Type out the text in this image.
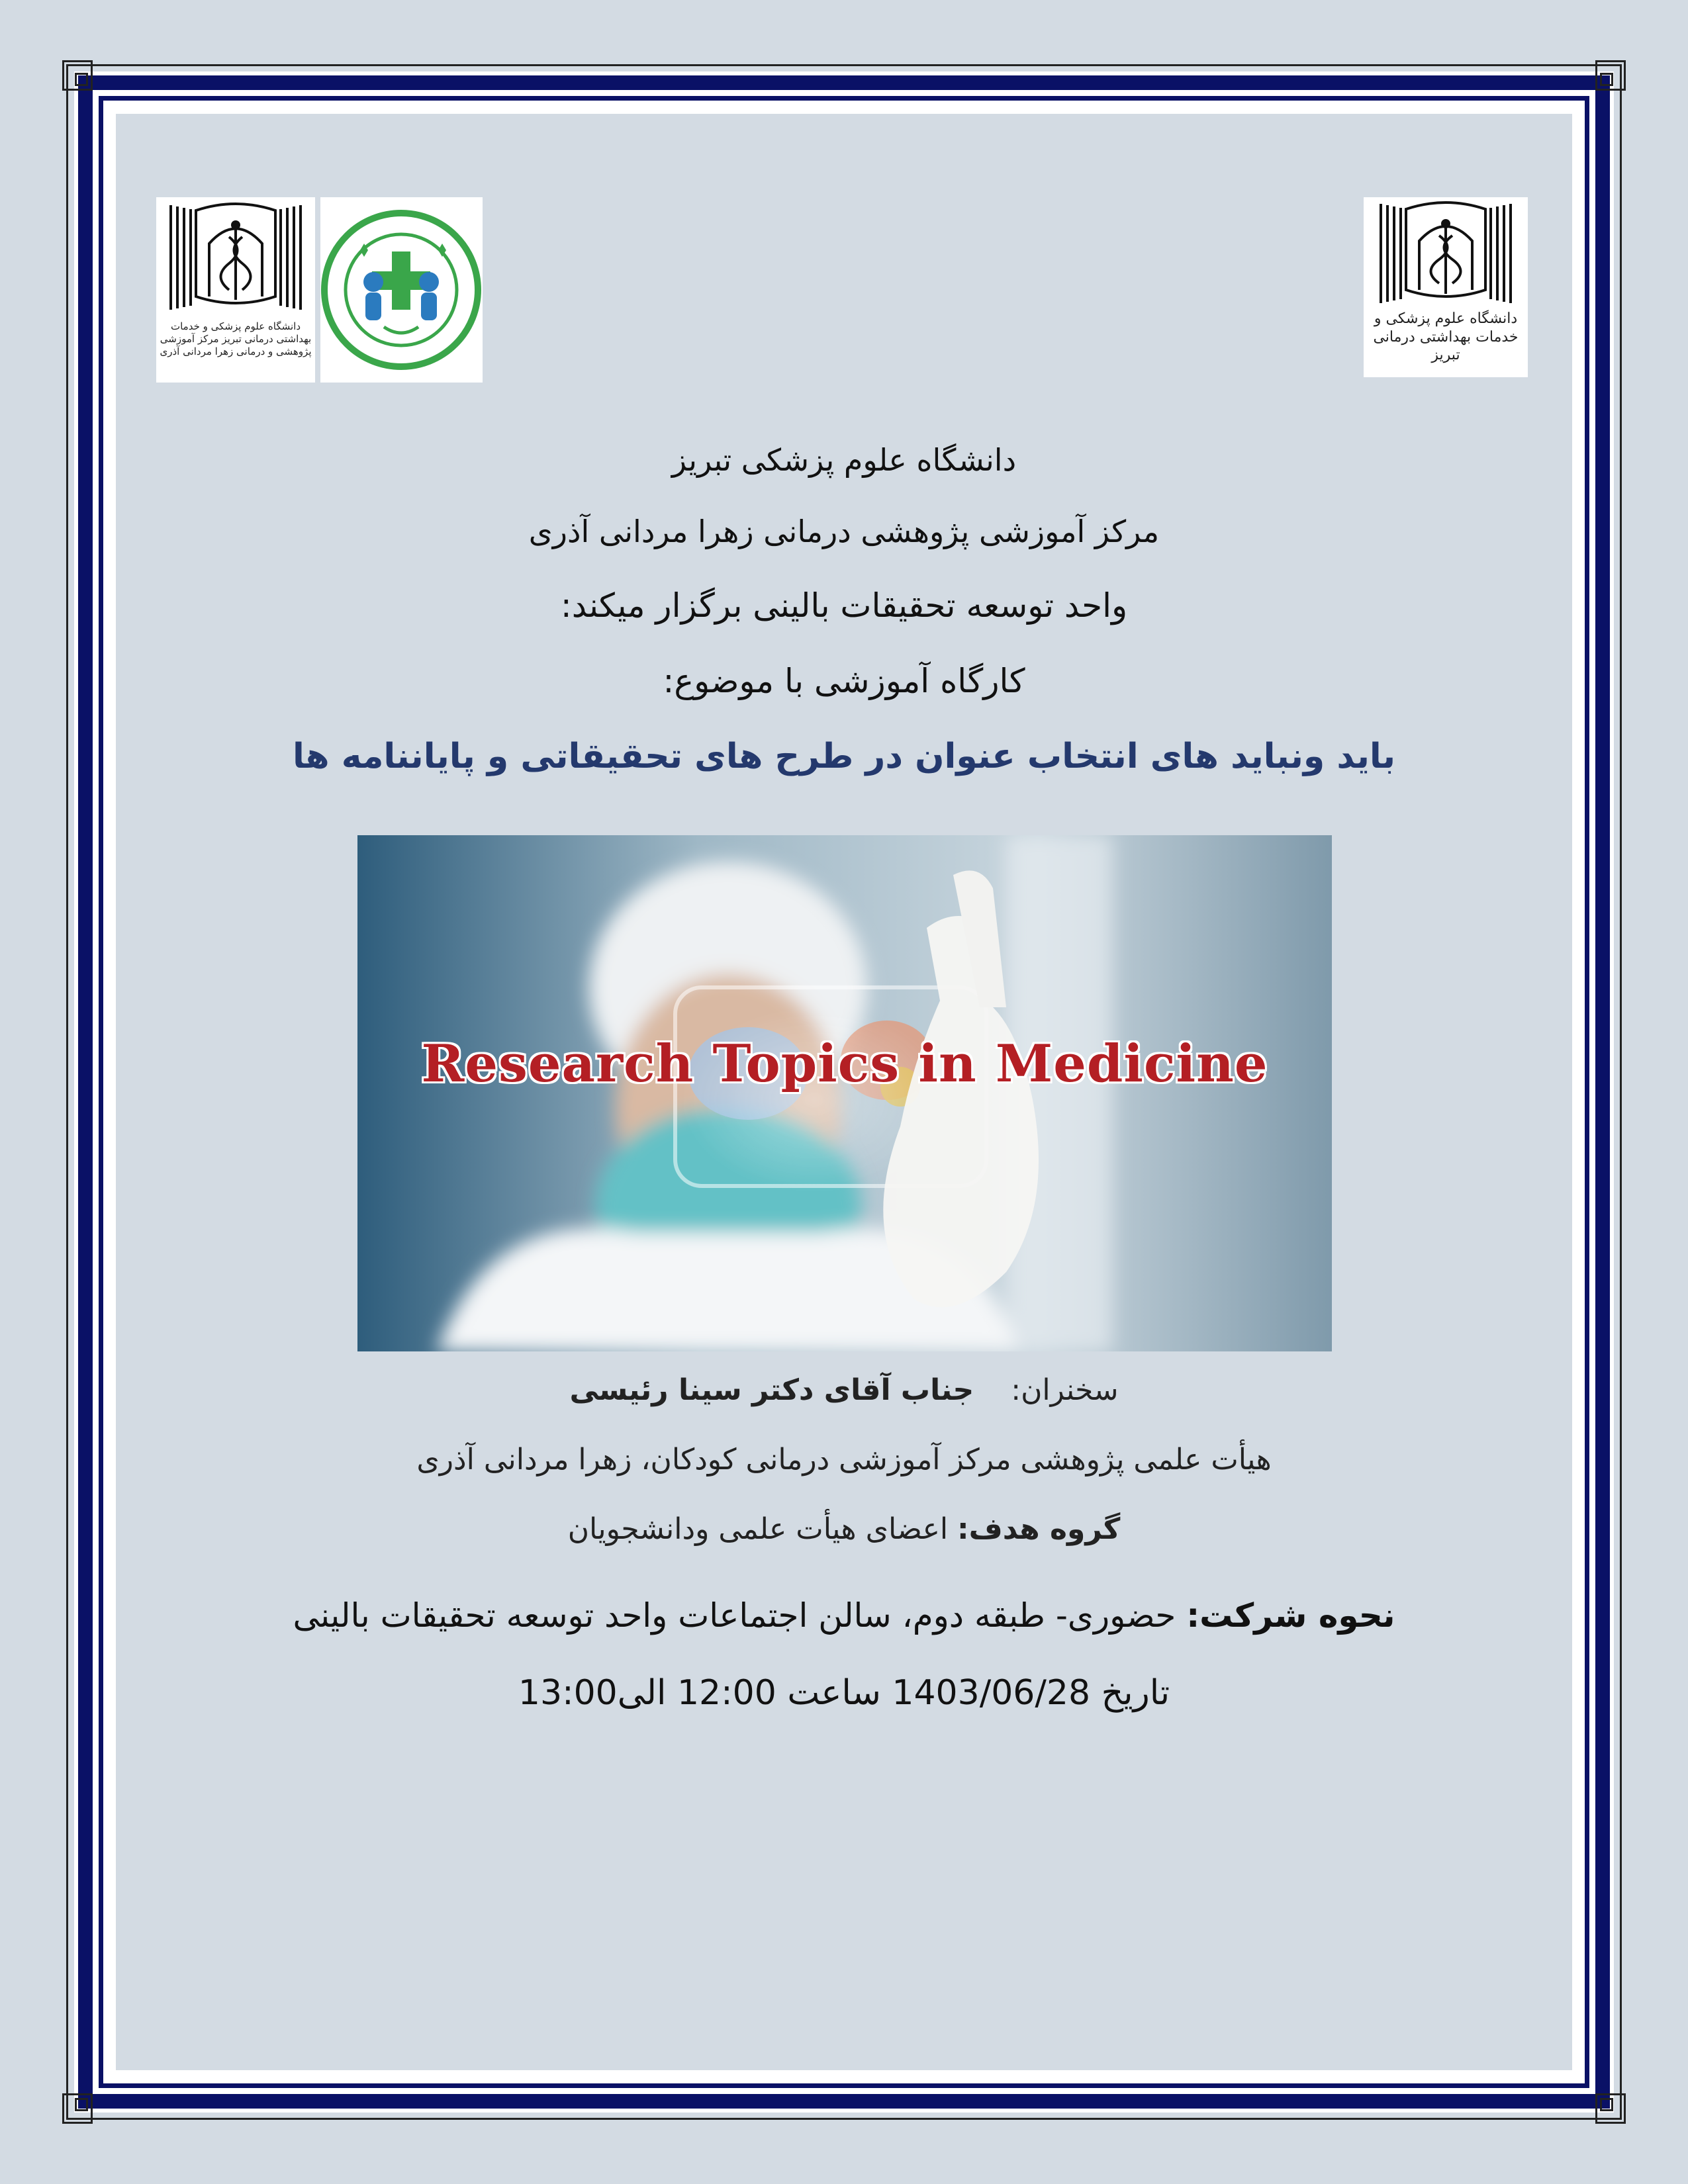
دانشگاه علوم پزشکی و خدمات بهداشتی درمانی تبریز مرکز آموزشی پژوهشی و درمانی زهرا مردانی آذری
دانشگاه علوم پزشکی و خدمات بهداشتی درمانی تبریز
دانشگاه علوم پزشکی تبریز
مرکز آموزشی پژوهشی درمانی زهرا مردانی آذری
واحد توسعه تحقیقات بالینی برگزار میکند:
کارگاه آموزشی با موضوع:
باید ونباید های انتخاب عنوان در طرح های تحقیقاتی و پایاننامه ها
Research Topics in Medicine
سخنران:    جناب آقای دکتر سینا رئیسی
هیأت علمی پژوهشی مرکز آموزشی درمانی کودکان، زهرا مردانی آذری
گروه هدف: اعضای هیأت علمی ودانشجویان
نحوه شرکت: حضوری- طبقه دوم، سالن اجتماعات واحد توسعه تحقیقات بالینی
تاریخ 1403/06/28 ساعت 12:00 الی13:00
